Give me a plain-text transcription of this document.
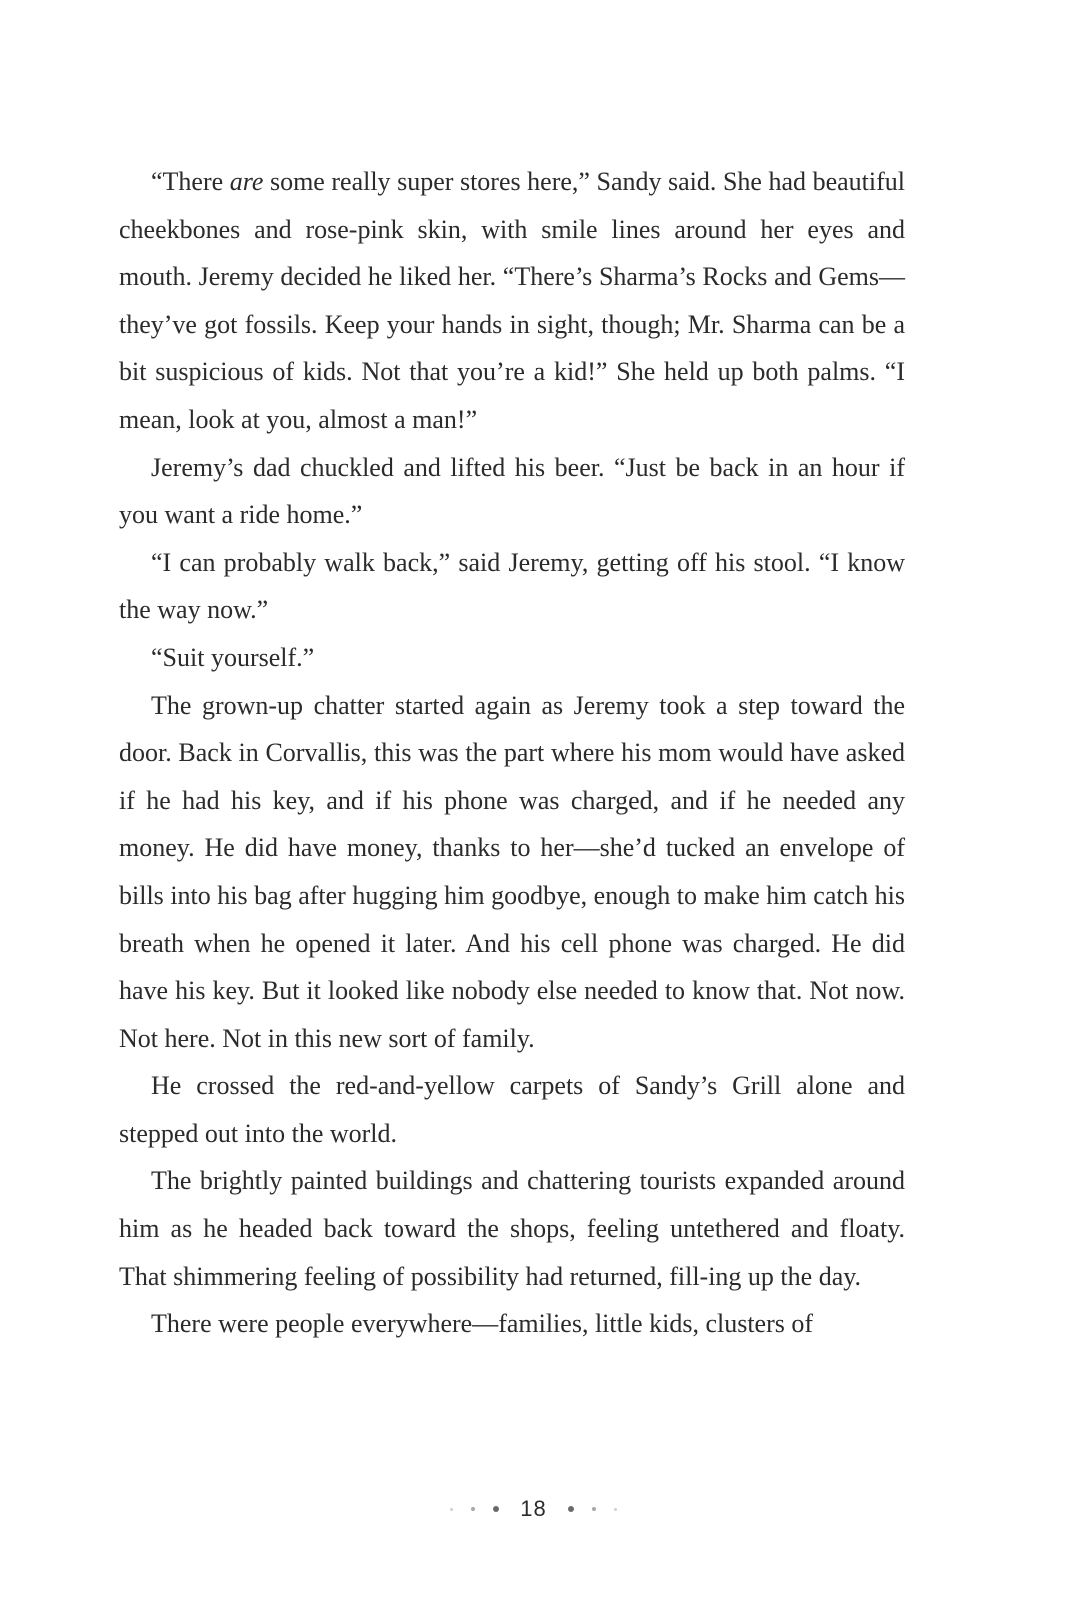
“There are some really super stores here,” Sandy said. She had beautiful cheekbones and rose-pink skin, with smile lines around her eyes and mouth. Jeremy decided he liked her. “There’s Sharma’s Rocks and Gems—they’ve got fossils. Keep your hands in sight, though; Mr. Sharma can be a bit suspicious of kids. Not that you’re a kid!” She held up both palms. “I mean, look at you, almost a man!”

Jeremy’s dad chuckled and lifted his beer. “Just be back in an hour if you want a ride home.”

“I can probably walk back,” said Jeremy, getting off his stool. “I know the way now.”

“Suit yourself.”

The grown-up chatter started again as Jeremy took a step toward the door. Back in Corvallis, this was the part where his mom would have asked if he had his key, and if his phone was charged, and if he needed any money. He did have money, thanks to her—she’d tucked an envelope of bills into his bag after hugging him goodbye, enough to make him catch his breath when he opened it later. And his cell phone was charged. He did have his key. But it looked like nobody else needed to know that. Not now. Not here. Not in this new sort of family.

He crossed the red-and-yellow carpets of Sandy’s Grill alone and stepped out into the world.

The brightly painted buildings and chattering tourists expanded around him as he headed back toward the shops, feeling untethered and floaty. That shimmering feeling of possibility had returned, fill-ing up the day.

There were people everywhere—families, little kids, clusters of

18
